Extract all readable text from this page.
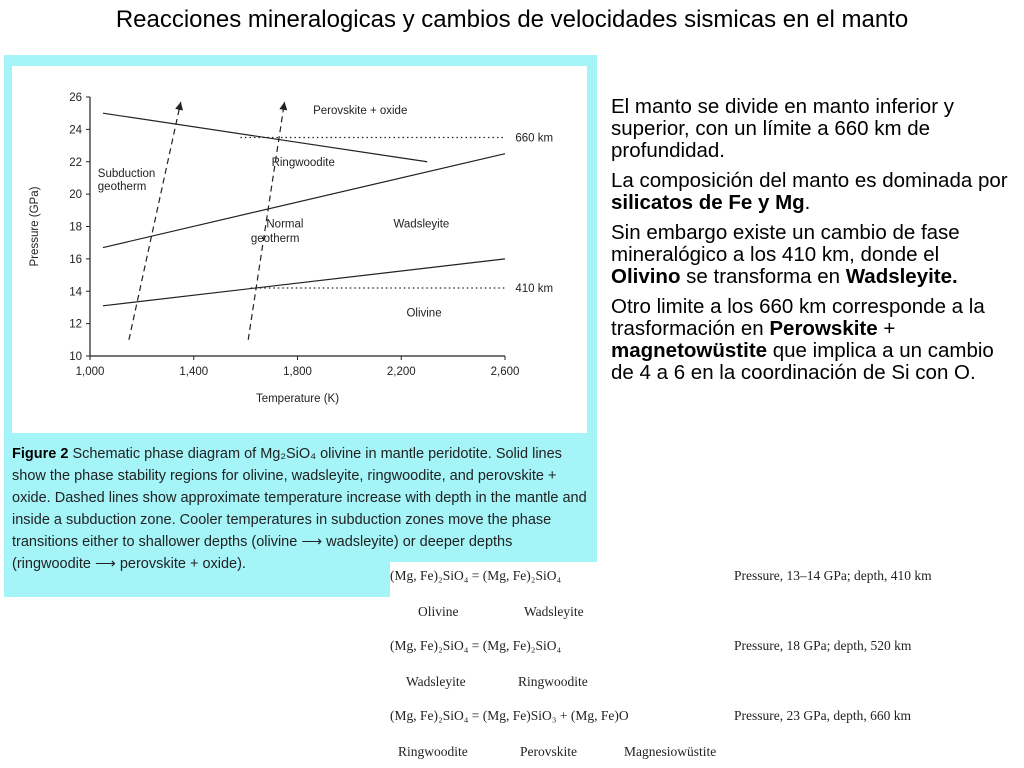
Reacciones mineralogicas y cambios de velocidades sismicas en el manto
10
12
14
16
18
20
22
24
26
1,000	1,400	1,800	2,200	2,600
Temperature (K)
Pressure (GPa)
Perovskite + oxide
660 km
Ringwoodite
Subduction
geotherm
Normal
geotherm
Wadsleyite
410 km
Olivine
Figure 2 Schematic phase diagram of Mg₂SiO₄ olivine in mantle peridotite. Solid lines show the phase stability regions for olivine, wadsleyite, ringwoodite, and perovskite + oxide. Dashed lines show approximate temperature increase with depth in the mantle and inside a subduction zone. Cooler temperatures in subduction zones move the phase transitions either to shallower depths (olivine ⟶ wadsleyite) or deeper depths (ringwoodite ⟶ perovskite + oxide).

El manto se divide en manto inferior y superior, con un límite a 660 km de profundidad.

La composición del manto es dominada por silicatos de Fe y Mg.

Sin embargo existe un cambio de fase mineralógico a los 410 km, donde el Olivino se transforma en Wadsleyite.

Otro limite a los 660 km corresponde a la trasformación en Perowskite + magnetowüstite que implica a un cambio de 4 a 6 en la coordinación de Si con O.

(Mg, Fe)₂SiO₄ = (Mg, Fe)₂SiO₄	Pressure, 13–14 GPa; depth, 410 km
Olivine	Wadsleyite
(Mg, Fe)₂SiO₄ = (Mg, Fe)₂SiO₄	Pressure, 18 GPa; depth, 520 km
Wadsleyite	Ringwoodite
(Mg, Fe)₂SiO₄ = (Mg, Fe)SiO₃ + (Mg, Fe)O	Pressure, 23 GPa, depth, 660 km
Ringwoodite	Perovskite	Magnesiowüstite
